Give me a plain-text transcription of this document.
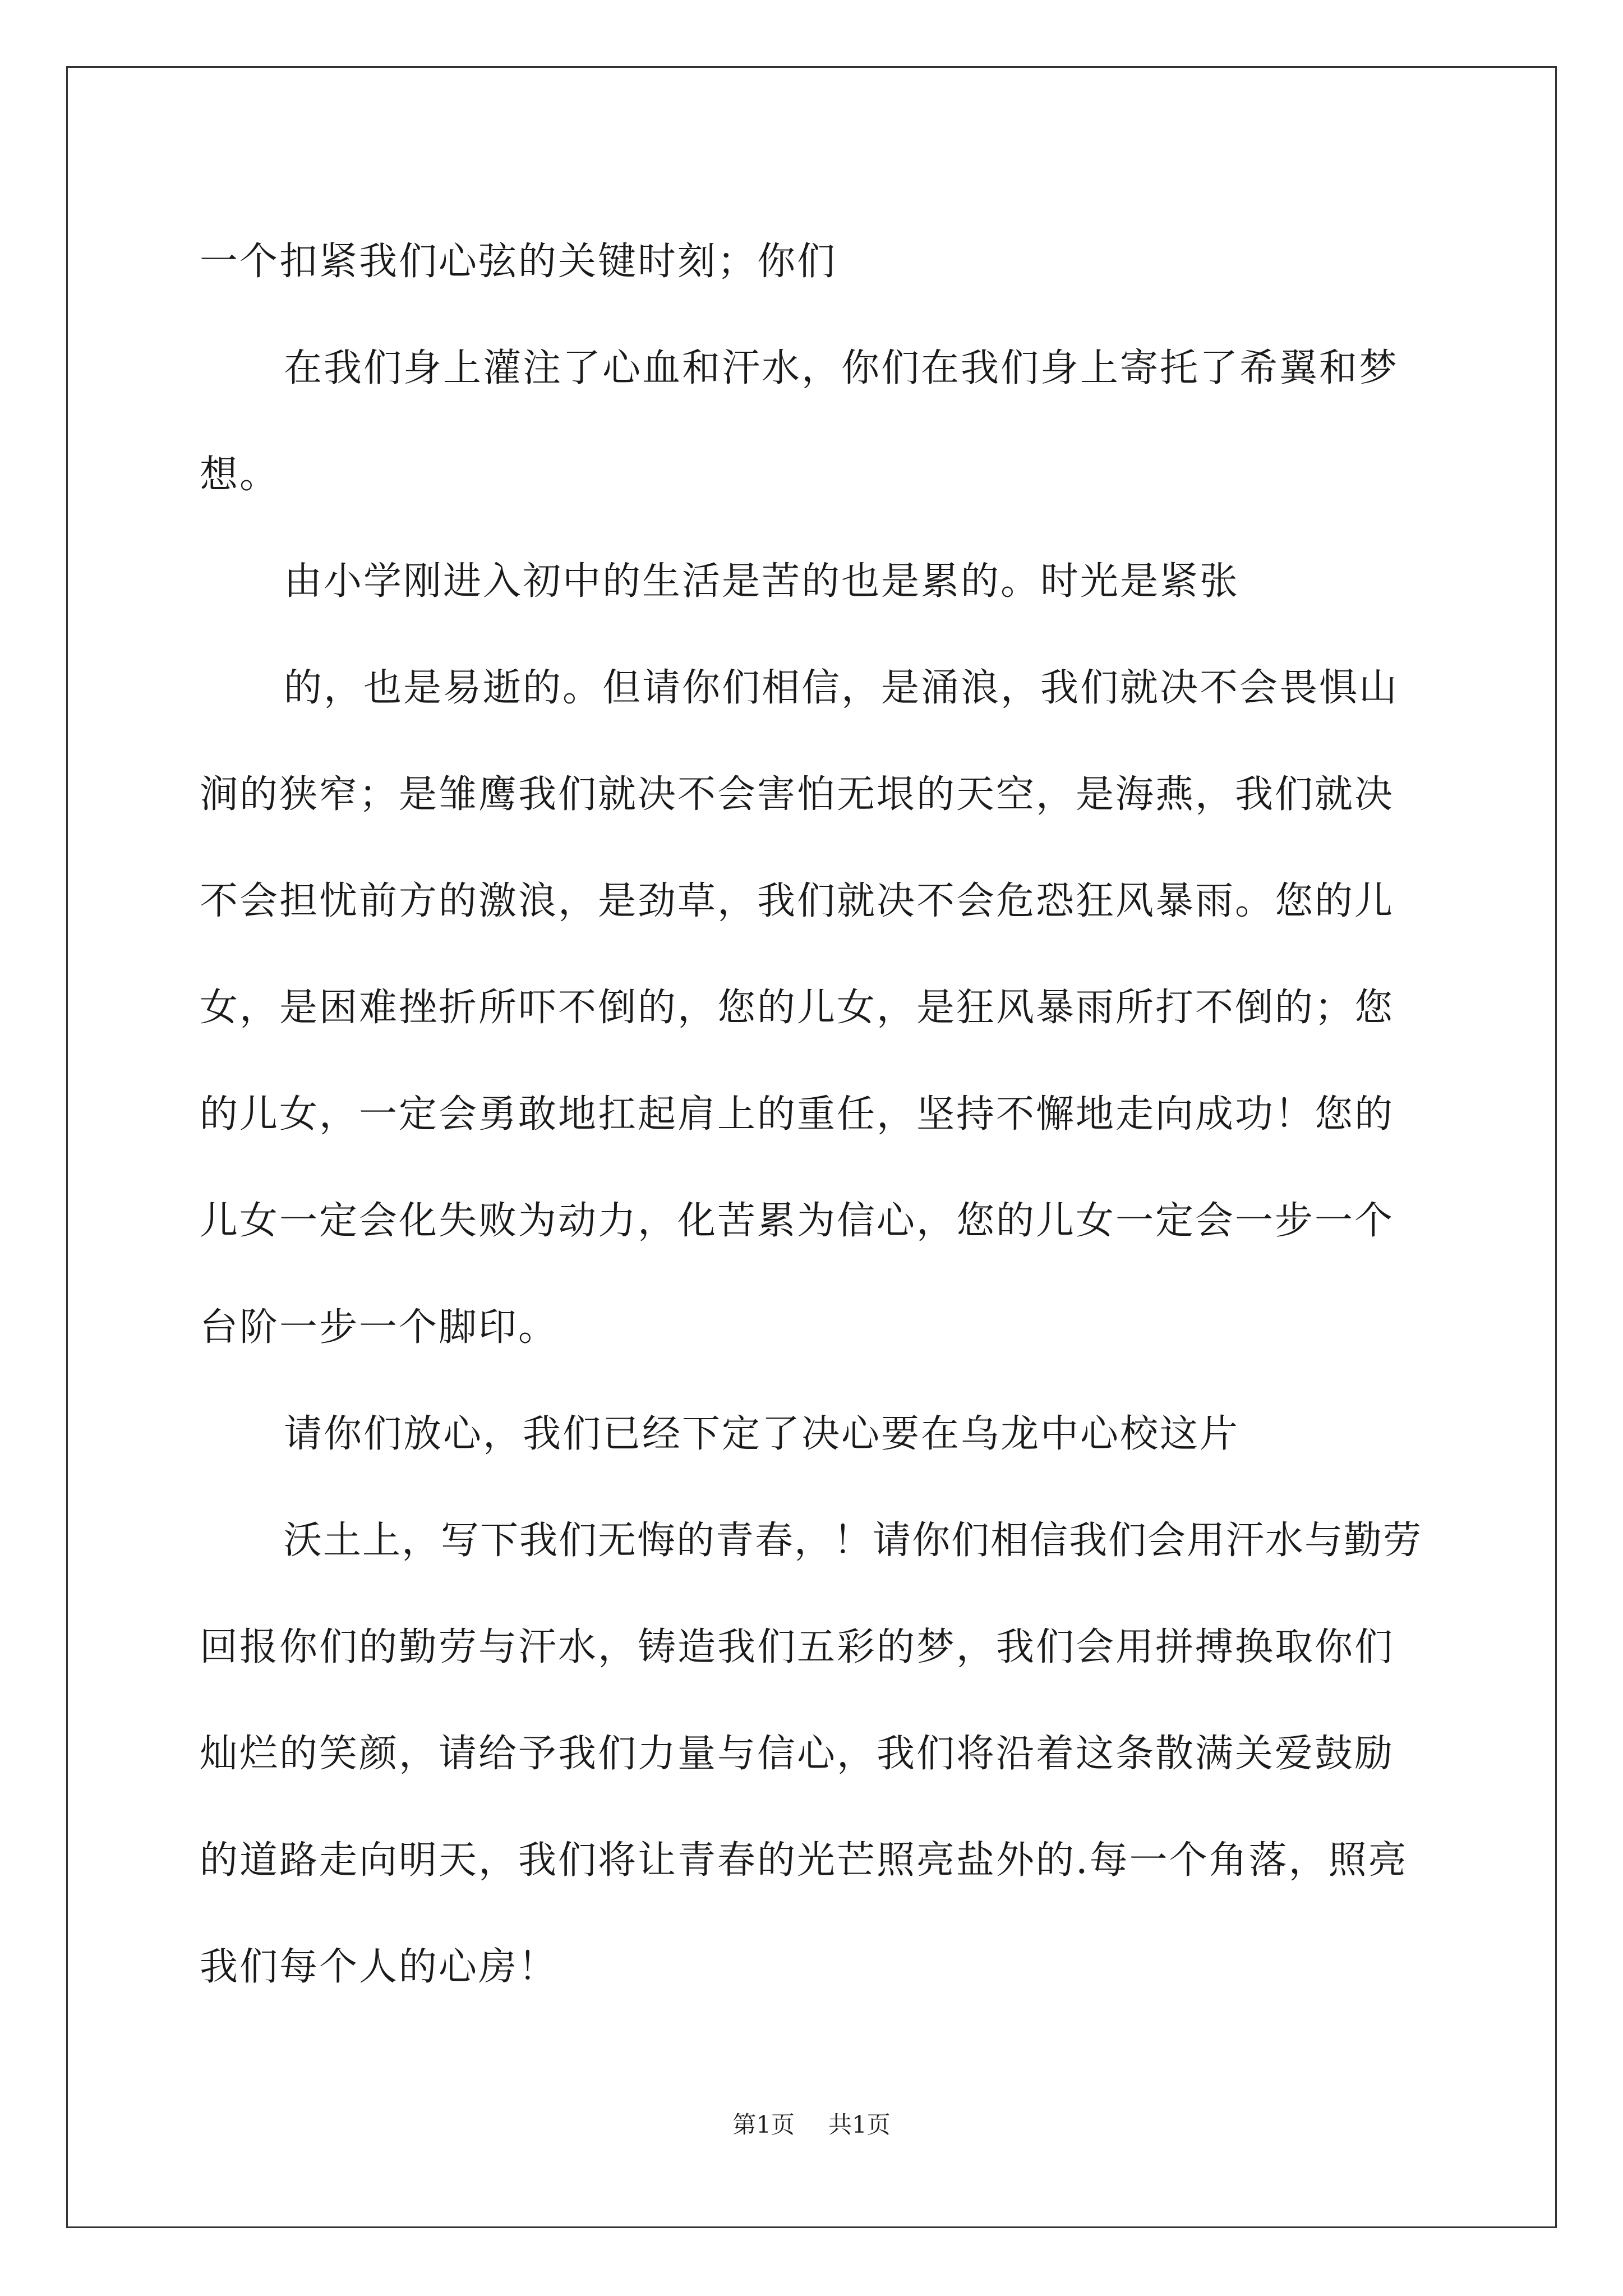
一个扣紧我们心弦的关键时刻；你们

在我们身上灌注了心血和汗水，你们在我们身上寄托了希翼和梦

想。

由小学刚进入初中的生活是苦的也是累的。时光是紧张

的，也是易逝的。但请你们相信，是涌浪，我们就决不会畏惧山

涧的狭窄；是雏鹰我们就决不会害怕无垠的天空，是海燕，我们就决

不会担忧前方的激浪，是劲草，我们就决不会危恐狂风暴雨。您的儿

女，是困难挫折所吓不倒的，您的儿女，是狂风暴雨所打不倒的；您

的儿女，一定会勇敢地扛起肩上的重任，坚持不懈地走向成功！您的

儿女一定会化失败为动力，化苦累为信心，您的儿女一定会一步一个

台阶一步一个脚印。

请你们放心，我们已经下定了决心要在乌龙中心校这片

沃土上，写下我们无悔的青春，！请你们相信我们会用汗水与勤劳

回报你们的勤劳与汗水，铸造我们五彩的梦，我们会用拼搏换取你们

灿烂的笑颜，请给予我们力量与信心，我们将沿着这条散满关爱鼓励

的道路走向明天，我们将让青春的光芒照亮盐外的.每一个角落，照亮

我们每个人的心房！

第1页 共1页
